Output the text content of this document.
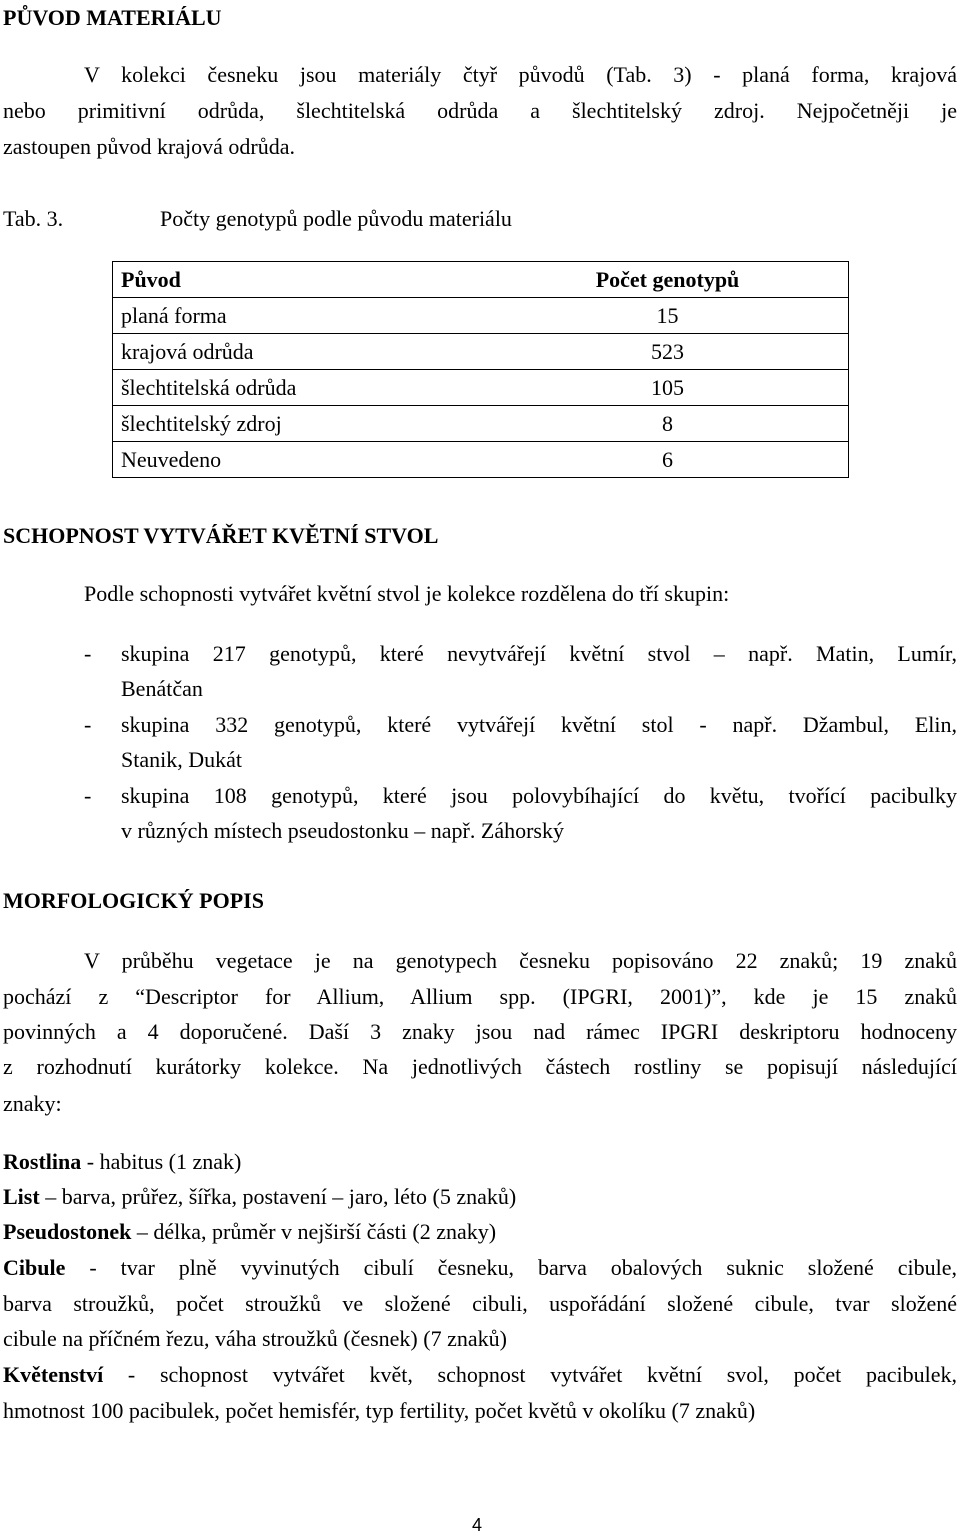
PŮVOD MATERIÁLU
V kolekci česneku jsou materiály čtyř původů (Tab. 3) - planá forma, krajová
nebo primitivní odrůda, šlechtitelská odrůda a šlechtitelský zdroj. Nejpočetněji je
zastoupen původ krajová odrůda.
Tab. 3.	Počty genotypů podle původu materiálu
Původ	Počet genotypů
planá forma	15
krajová odrůda	523
šlechtitelská odrůda	105
šlechtitelský zdroj	8
Neuvedeno	6
SCHOPNOST VYTVÁŘET KVĚTNÍ STVOL
Podle schopnosti vytvářet květní stvol je kolekce rozdělena do tří skupin:
- skupina 217 genotypů, které nevytvářejí květní stvol – např. Matin, Lumír,
Benátčan
- skupina 332 genotypů, které vytvářejí květní stol - např. Džambul, Elin,
Stanik, Dukát
- skupina 108 genotypů, které jsou polovybíhající do květu, tvořící pacibulky
v různých místech pseudostonku – např. Záhorský
MORFOLOGICKÝ POPIS
V průběhu vegetace je na genotypech česneku popisováno 22 znaků; 19 znaků
pochází z “Descriptor for Allium, Allium spp. (IPGRI, 2001)”, kde je 15 znaků
povinných a 4 doporučené. Daší 3 znaky jsou nad rámec IPGRI deskriptoru hodnoceny
z rozhodnutí kurátorky kolekce. Na jednotlivých částech rostliny se popisují následující
znaky:
Rostlina - habitus (1 znak)
List – barva, průřez, šířka, postavení – jaro, léto (5 znaků)
Pseudostonek – délka, průměr v nejširší části (2 znaky)
Cibule - tvar plně vyvinutých cibulí česneku, barva obalových suknic složené cibule,
barva stroužků, počet stroužků ve složené cibuli, uspořádání složené cibule, tvar složené
cibule na příčném řezu, váha stroužků (česnek) (7 znaků)
Květenství - schopnost vytvářet květ, schopnost vytvářet květní svol, počet pacibulek,
hmotnost 100 pacibulek, počet hemisfér, typ fertility, počet květů v okolíku (7 znaků)
4
